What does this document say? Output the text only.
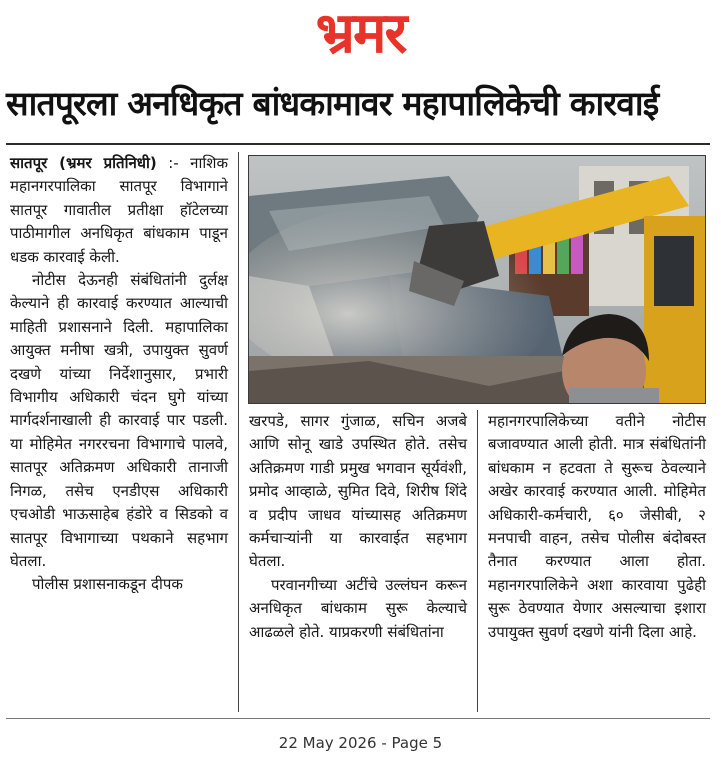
भ्रमर
सातपूरला अनधिकृत बांधकामावर महापालिकेची कारवाई

सातपूर (भ्रमर प्रतिनिधी) :- नाशिक महानगरपालिका सातपूर विभागाने सातपूर गावातील प्रतीक्षा हॉटेलच्या पाठीमागील अनधिकृत बांधकाम पाडून धडक कारवाई केली.

नोटीस देऊनही संबंधितांनी दुर्लक्ष केल्याने ही कारवाई करण्यात आल्याची माहिती प्रशासनाने दिली. महापालिका आयुक्त मनीषा खत्री, उपायुक्त सुवर्ण दखणे यांच्या निर्देशानुसार, प्रभारी विभागीय अधिकारी चंदन घुगे यांच्या मार्गदर्शनाखाली ही कारवाई पार पडली. या मोहिमेत नगररचना विभागाचे पालवे, सातपूर अतिक्रमण अधिकारी तानाजी निगळ, तसेच एनडीएस अधिकारी एचओडी भाऊसाहेब हंडोरे व सिडको व सातपूर विभागाच्या पथकाने सहभाग घेतला.

पोलीस प्रशासनाकडून दीपक

खरपडे, सागर गुंजाळ, सचिन अजबे आणि सोनू खाडे उपस्थित होते. तसेच अतिक्रमण गाडी प्रमुख भगवान सूर्यवंशी, प्रमोद आव्हाळे, सुमित दिवे, शिरीष शिंदे व प्रदीप जाधव यांच्यासह अतिक्रमण कर्मचाऱ्यांनी या कारवाईत सहभाग घेतला.

परवानगीच्या अटींचे उल्लंघन करून अनधिकृत बांधकाम सुरू केल्याचे आढळले होते. याप्रकरणी संबंधितांना

महानगरपालिकेच्या वतीने नोटीस बजावण्यात आली होती. मात्र संबंधितांनी बांधकाम न हटवता ते सुरूच ठेवल्याने अखेर कारवाई करण्यात आली. मोहिमेत अधिकारी-कर्मचारी, ६० जेसीबी, २ मनपाची वाहन, तसेच पोलीस बंदोबस्त तैनात करण्यात आला होता. महानगरपालिकेने अशा कारवाया पुढेही सुरू ठेवण्यात येणार असल्याचा इशारा उपायुक्त सुवर्ण दखणे यांनी दिला आहे.

22 May 2026 - Page 5
